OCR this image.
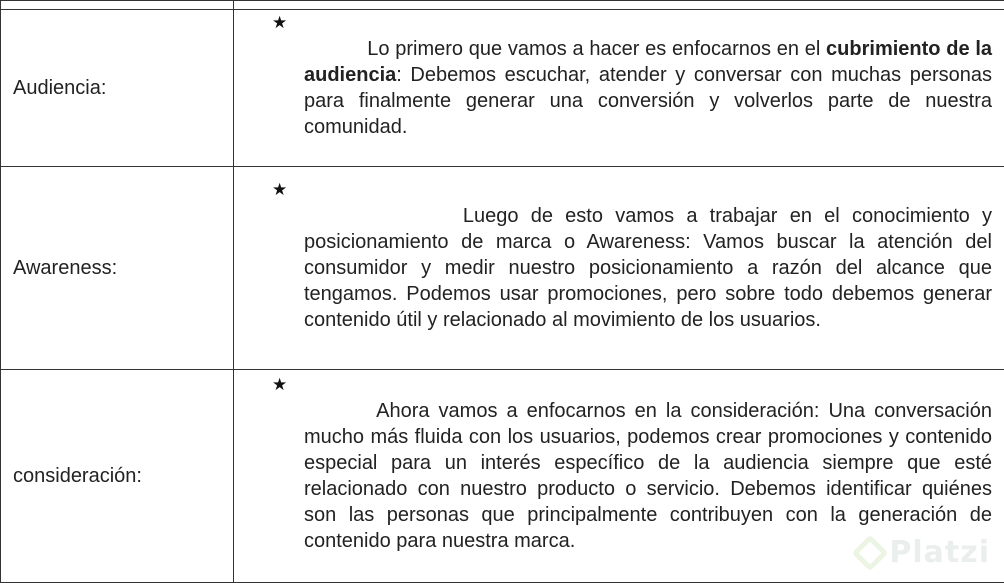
Audiencia:	★
Lo primero que vamos a hacer es enfocarnos en el cubrimiento de la audiencia: Debemos escuchar, atender y conversar con muchas personas para finalmente generar una conversión y volverlos parte de nuestra comunidad.

Awareness:	★
Luego de esto vamos a trabajar en el conocimiento y posicionamiento de marca o Awareness: Vamos buscar la atención del consumidor y medir nuestro posicionamiento a razón del alcance que tengamos. Podemos usar promociones, pero sobre todo debemos generar contenido útil y relacionado al movimiento de los usuarios.

consideración:	★
Ahora vamos a enfocarnos en la consideración: Una conversación mucho más fluida con los usuarios, podemos crear promociones y contenido especial para un interés específico de la audiencia siempre que esté relacionado con nuestro producto o servicio. Debemos identificar quiénes son las personas que principalmente contribuyen con la generación de contenido para nuestra marca.
	Platzi
